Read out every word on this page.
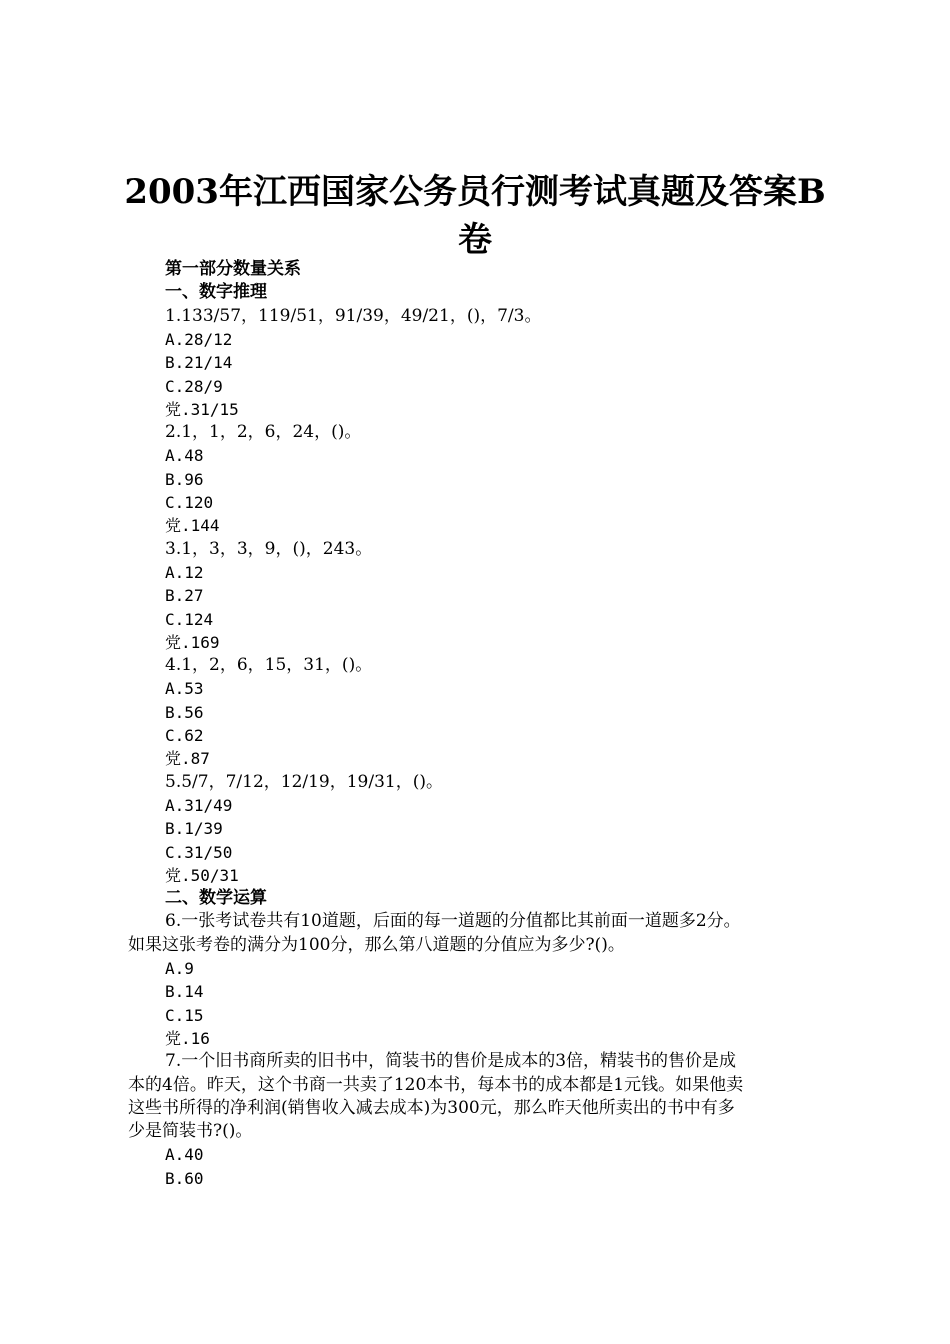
2003年江西国家公务员行测考试真题及答案B
卷
第一部分数量关系
一、数字推理
1.133/57，119/51，91/39，49/21，()，7/3。
A.28/12
B.21/14
C.28/9
党.31/15
2.1，1，2，6，24，()。
A.48
B.96
C.120
党.144
3.1，3，3，9，()，243。
A.12
B.27
C.124
党.169
4.1，2，6，15，31，()。
A.53
B.56
C.62
党.87
5.5/7，7/12，12/19，19/31，()。
A.31/49
B.1/39
C.31/50
党.50/31
二、数学运算
6.一张考试卷共有10道题，后面的每一道题的分值都比其前面一道题多2分。
如果这张考卷的满分为100分，那么第八道题的分值应为多少?()。
A.9
B.14
C.15
党.16
7.一个旧书商所卖的旧书中，简装书的售价是成本的3倍，精装书的售价是成
本的4倍。昨天，这个书商一共卖了120本书，每本书的成本都是1元钱。如果他卖
这些书所得的净利润(销售收入减去成本)为300元，那么昨天他所卖出的书中有多
少是简装书?()。
A.40
B.60
